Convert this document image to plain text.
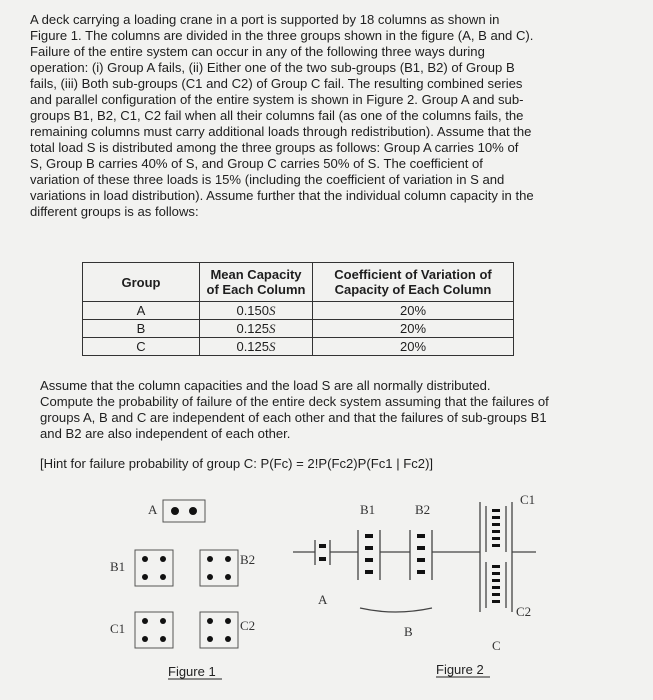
A deck carrying a loading crane in a port is supported by 18 columns as shown in
Figure 1. The columns are divided in the three groups shown in the figure (A, B and C).
Failure of the entire system can occur in any of the following three ways during
operation: (i) Group A fails, (ii) Either one of the two sub-groups (B1, B2) of Group B
fails, (iii) Both sub-groups (C1 and C2) of Group C fail. The resulting combined series
and parallel configuration of the entire system is shown in Figure 2. Group A and sub-
groups B1, B2, C1, C2 fail when all their columns fail (as one of the columns fails, the
remaining columns must carry additional loads through redistribution). Assume that the
total load S is distributed among the three groups as follows: Group A carries 10% of
S, Group B carries 40% of S, and Group C carries 50% of S. The coefficient of
variation of these three loads is 15% (including the coefficient of variation in S and
variations in load distribution). Assume further that the individual column capacity in the
different groups is as follows:
Group	Mean Capacity of Each Column	Coefficient of Variation of Capacity of Each Column
A	0.150S	20%
B	0.125S	20%
C	0.125S	20%
Assume that the column capacities and the load S are all normally distributed.
Compute the probability of failure of the entire deck system assuming that the failures of
groups A, B and C are independent of each other and that the failures of sub-groups B1
and B2 are also independent of each other.
[Hint for failure probability of group C: P(Fc) = 2!P(Fc2)P(Fc1 | Fc2)]
A
B1	B2
C1	C2
Figure 1
A
B1	B2
B
C1
C2
C
Figure 2
